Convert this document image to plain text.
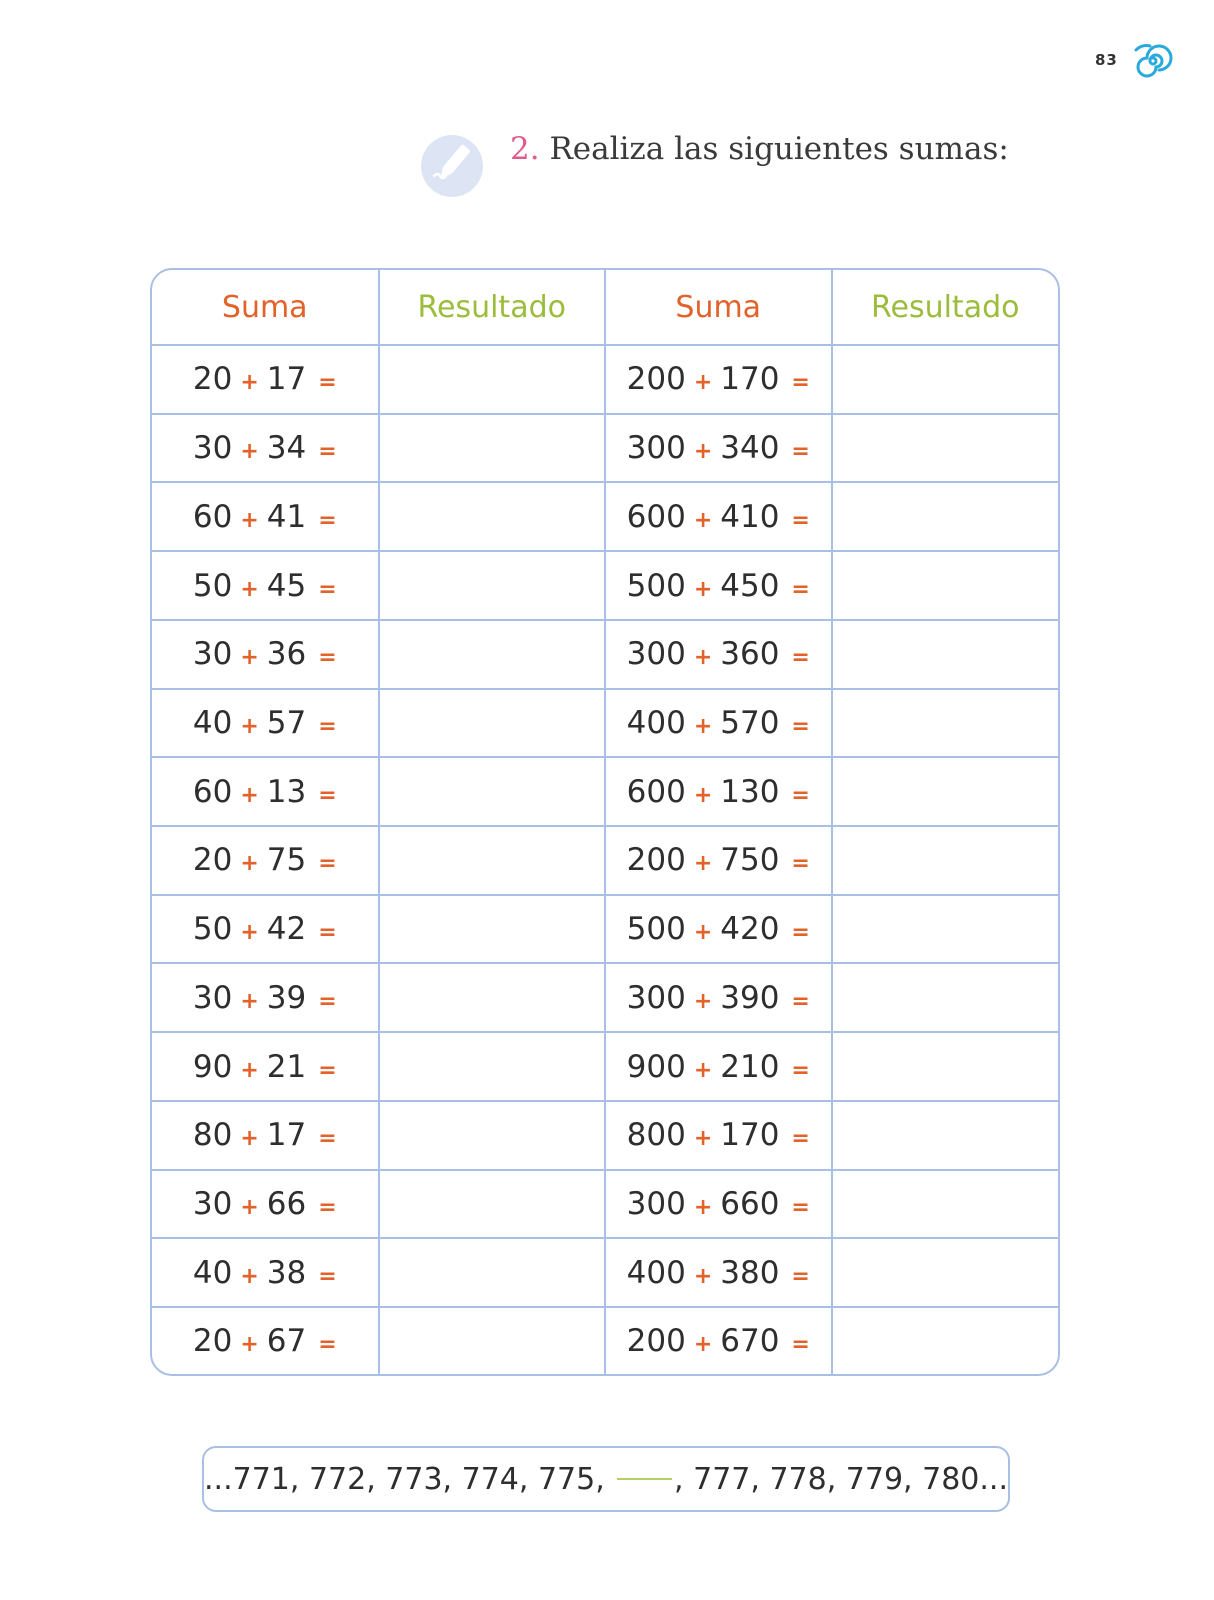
83
2. Realiza las siguientes sumas:
Suma	Resultado	Suma	Resultado
20 + 17 =		200 + 170 =	
30 + 34 =		300 + 340 =	
60 + 41 =		600 + 410 =	
50 + 45 =		500 + 450 =	
30 + 36 =		300 + 360 =	
40 + 57 =		400 + 570 =	
60 + 13 =		600 + 130 =	
20 + 75 =		200 + 750 =	
50 + 42 =		500 + 420 =	
30 + 39 =		300 + 390 =	
90 + 21 =		900 + 210 =	
80 + 17 =		800 + 170 =	
30 + 66 =		300 + 660 =	
40 + 38 =		400 + 380 =	
20 + 67 =		200 + 670 =	
...771, 772, 773, 774, 775, , 777, 778, 779, 780...
